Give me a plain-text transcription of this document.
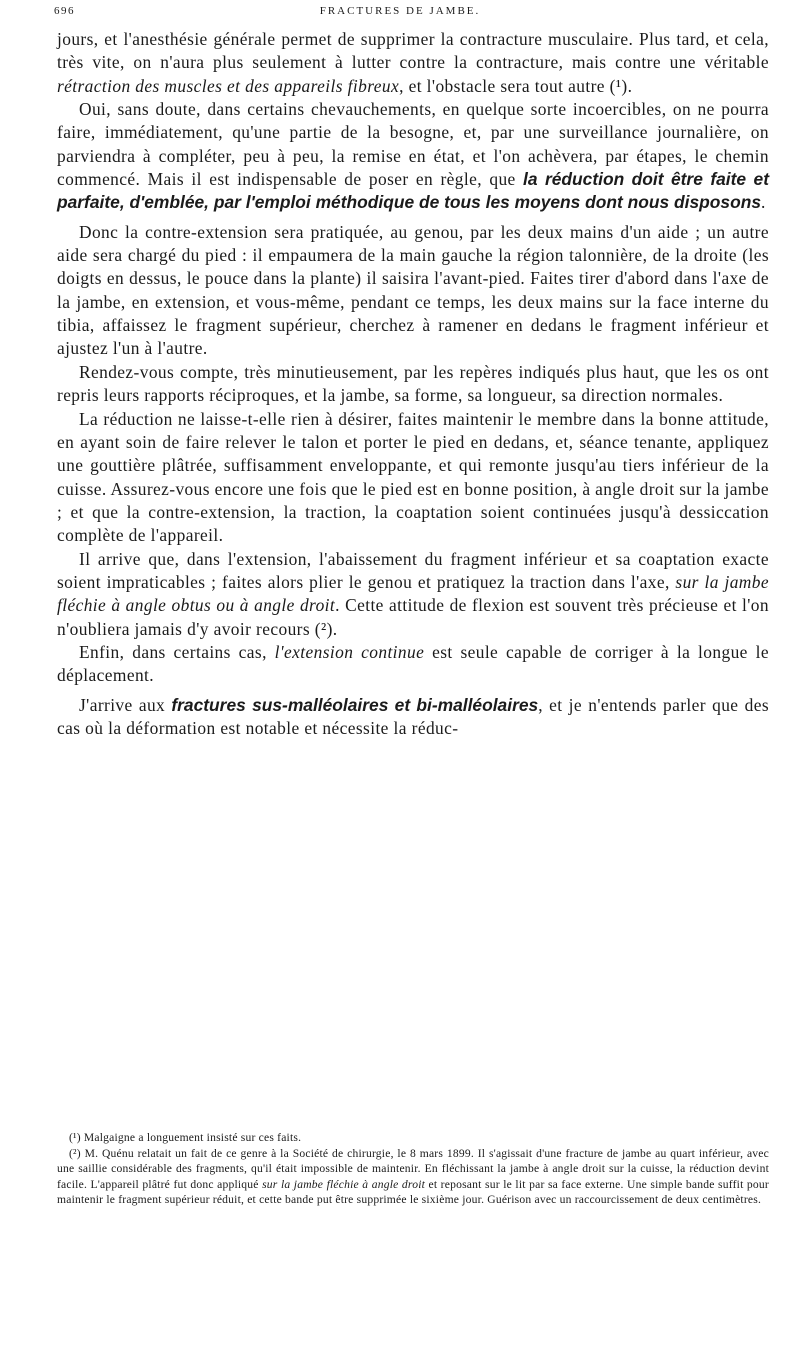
696	FRACTURES DE JAMBE.

jours, et l'anesthésie générale permet de supprimer la contracture musculaire. Plus tard, et cela, très vite, on n'aura plus seulement à lutter contre la contracture, mais contre une véritable rétraction des muscles et des appareils fibreux, et l'obstacle sera tout autre (¹).

Oui, sans doute, dans certains chevauchements, en quelque sorte incoercibles, on ne pourra faire, immédiatement, qu'une partie de la besogne, et, par une surveillance journalière, on parviendra à compléter, peu à peu, la remise en état, et l'on achèvera, par étapes, le chemin commencé. Mais il est indispensable de poser en règle, que la réduction doit être faite et parfaite, d'emblée, par l'emploi méthodique de tous les moyens dont nous disposons.

Donc la contre-extension sera pratiquée, au genou, par les deux mains d'un aide ; un autre aide sera chargé du pied : il empaumera de la main gauche la région talonnière, de la droite (les doigts en dessus, le pouce dans la plante) il saisira l'avant-pied. Faites tirer d'abord dans l'axe de la jambe, en extension, et vous-même, pendant ce temps, les deux mains sur la face interne du tibia, affaissez le fragment supérieur, cherchez à ramener en dedans le fragment inférieur et ajustez l'un à l'autre.

Rendez-vous compte, très minutieusement, par les repères indiqués plus haut, que les os ont repris leurs rapports réciproques, et la jambe, sa forme, sa longueur, sa direction normales.

La réduction ne laisse-t-elle rien à désirer, faites maintenir le membre dans la bonne attitude, en ayant soin de faire relever le talon et porter le pied en dedans, et, séance tenante, appliquez une gouttière plâtrée, suffisamment enveloppante, et qui remonte jusqu'au tiers inférieur de la cuisse. Assurez-vous encore une fois que le pied est en bonne position, à angle droit sur la jambe ; et que la contre-extension, la traction, la coaptation soient continuées jusqu'à dessiccation complète de l'appareil.

Il arrive que, dans l'extension, l'abaissement du fragment inférieur et sa coaptation exacte soient impraticables ; faites alors plier le genou et pratiquez la traction dans l'axe, sur la jambe fléchie à angle obtus ou à angle droit. Cette attitude de flexion est souvent très précieuse et l'on n'oubliera jamais d'y avoir recours (²).

Enfin, dans certains cas, l'extension continue est seule capable de corriger à la longue le déplacement.

J'arrive aux fractures sus-malléolaires et bi-malléolaires, et je n'entends parler que des cas où la déformation est notable et nécessite la réduc-

(¹) Malgaigne a longuement insisté sur ces faits.

(²) M. Quénu relatait un fait de ce genre à la Société de chirurgie, le 8 mars 1899. Il s'agissait d'une fracture de jambe au quart inférieur, avec une saillie considérable des fragments, qu'il était impossible de maintenir. En fléchissant la jambe à angle droit sur la cuisse, la réduction devint facile. L'appareil plâtré fut donc appliqué sur la jambe fléchie à angle droit et reposant sur le lit par sa face externe. Une simple bande suffit pour maintenir le fragment supérieur réduit, et cette bande put être supprimée le sixième jour. Guérison avec un raccourcissement de deux centimètres.
